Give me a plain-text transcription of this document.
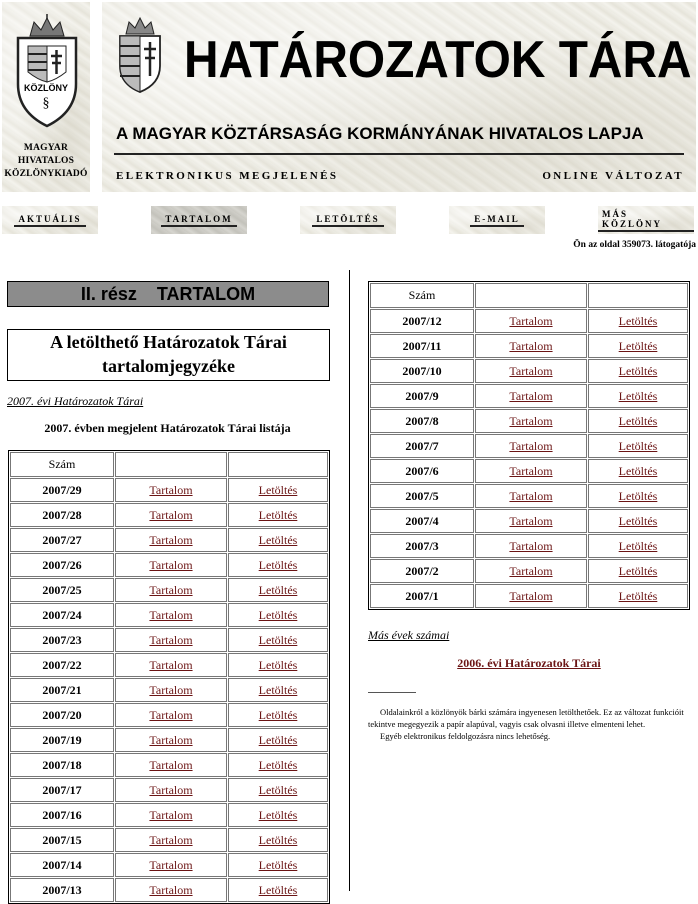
KÖZLÖNY
§
MAGYAR
HIVATALOS
KÖZLÖNYKIADÓ
HATÁROZATOK TÁRA
A MAGYAR KÖZTÁRSASÁG KORMÁNYÁNAK HIVATALOS LAPJA
ELEKTRONIKUS MEGJELENÉS	ONLINE VÁLTOZAT
AKTUÁLIS	TARTALOM	LETÖLTÉS	E-MAIL	MÁS KÖZLÖNY
Ön az oldal 359073. látogatója
II. rész TARTALOM
A letölthető Határozatok Tárai
tartalomjegyzéke
2007. évi Határozatok Tárai
2007. évben megjelent Határozatok Tárai listája
Szám		
2007/29	Tartalom	Letöltés
2007/28	Tartalom	Letöltés
2007/27	Tartalom	Letöltés
2007/26	Tartalom	Letöltés
2007/25	Tartalom	Letöltés
2007/24	Tartalom	Letöltés
2007/23	Tartalom	Letöltés
2007/22	Tartalom	Letöltés
2007/21	Tartalom	Letöltés
2007/20	Tartalom	Letöltés
2007/19	Tartalom	Letöltés
2007/18	Tartalom	Letöltés
2007/17	Tartalom	Letöltés
2007/16	Tartalom	Letöltés
2007/15	Tartalom	Letöltés
2007/14	Tartalom	Letöltés
2007/13	Tartalom	Letöltés
Szám		
2007/12	Tartalom	Letöltés
2007/11	Tartalom	Letöltés
2007/10	Tartalom	Letöltés
2007/9	Tartalom	Letöltés
2007/8	Tartalom	Letöltés
2007/7	Tartalom	Letöltés
2007/6	Tartalom	Letöltés
2007/5	Tartalom	Letöltés
2007/4	Tartalom	Letöltés
2007/3	Tartalom	Letöltés
2007/2	Tartalom	Letöltés
2007/1	Tartalom	Letöltés
Más évek számai
2006. évi Határozatok Tárai

Oldalainkról a közlönyök bárki számára ingyenesen letölthetőek. Ez az változat funkcióit tekintve megegyezik a papír alapúval, vagyis csak olvasni illetve elmenteni lehet.

Egyéb elektronikus feldolgozásra nincs lehetőség.
